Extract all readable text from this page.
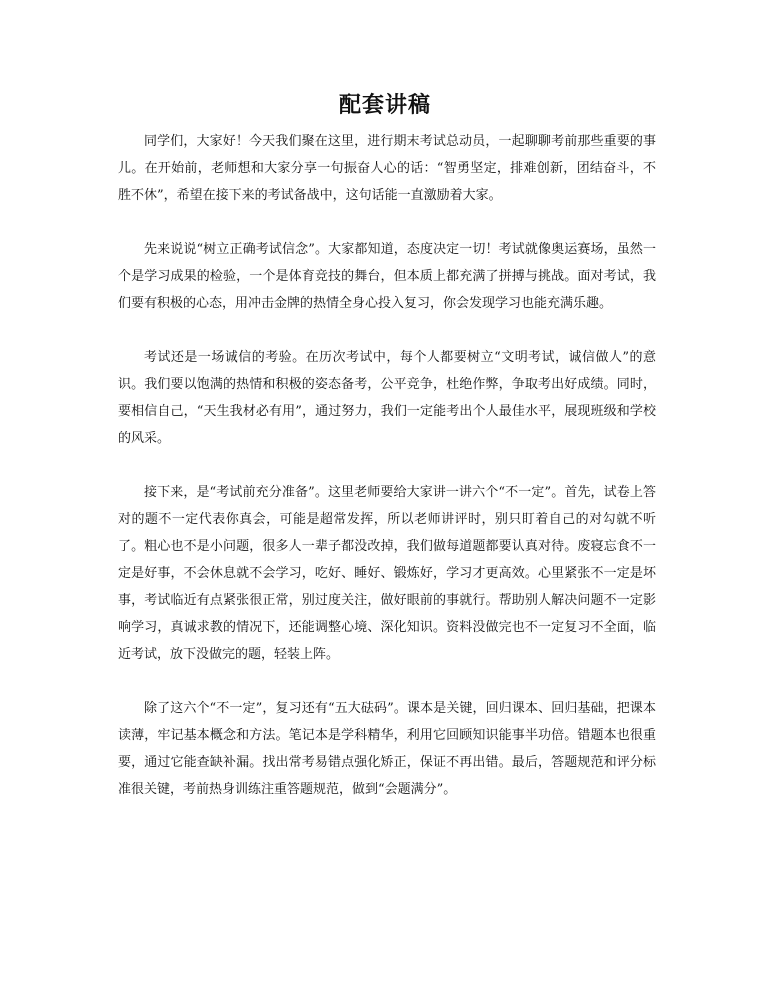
配套讲稿

同学们，大家好！今天我们聚在这里，进行期末考试总动员，一起聊聊考前那些重要的事儿。在开始前，老师想和大家分享一句振奋人心的话：“智勇坚定，排难创新，团结奋斗，不胜不休”，希望在接下来的考试备战中，这句话能一直激励着大家。

先来说说“树立正确考试信念”。大家都知道，态度决定一切！考试就像奥运赛场，虽然一个是学习成果的检验，一个是体育竞技的舞台，但本质上都充满了拼搏与挑战。面对考试，我们要有积极的心态，用冲击金牌的热情全身心投入复习，你会发现学习也能充满乐趣。

考试还是一场诚信的考验。在历次考试中，每个人都要树立“文明考试，诚信做人”的意识。我们要以饱满的热情和积极的姿态备考，公平竞争，杜绝作弊，争取考出好成绩。同时，要相信自己，“天生我材必有用”，通过努力，我们一定能考出个人最佳水平，展现班级和学校的风采。

接下来，是“考试前充分准备”。这里老师要给大家讲一讲六个“不一定”。首先，试卷上答对的题不一定代表你真会，可能是超常发挥，所以老师讲评时，别只盯着自己的对勾就不听了。粗心也不是小问题，很多人一辈子都没改掉，我们做每道题都要认真对待。废寝忘食不一定是好事，不会休息就不会学习，吃好、睡好、锻炼好，学习才更高效。心里紧张不一定是坏事，考试临近有点紧张很正常，别过度关注，做好眼前的事就行。帮助别人解决问题不一定影响学习，真诚求教的情况下，还能调整心境、深化知识。资料没做完也不一定复习不全面，临近考试，放下没做完的题，轻装上阵。

除了这六个“不一定”，复习还有“五大砝码”。课本是关键，回归课本、回归基础，把课本读薄，牢记基本概念和方法。笔记本是学科精华，利用它回顾知识能事半功倍。错题本也很重要，通过它能查缺补漏。找出常考易错点强化矫正，保证不再出错。最后，答题规范和评分标准很关键，考前热身训练注重答题规范，做到“会题满分”。
